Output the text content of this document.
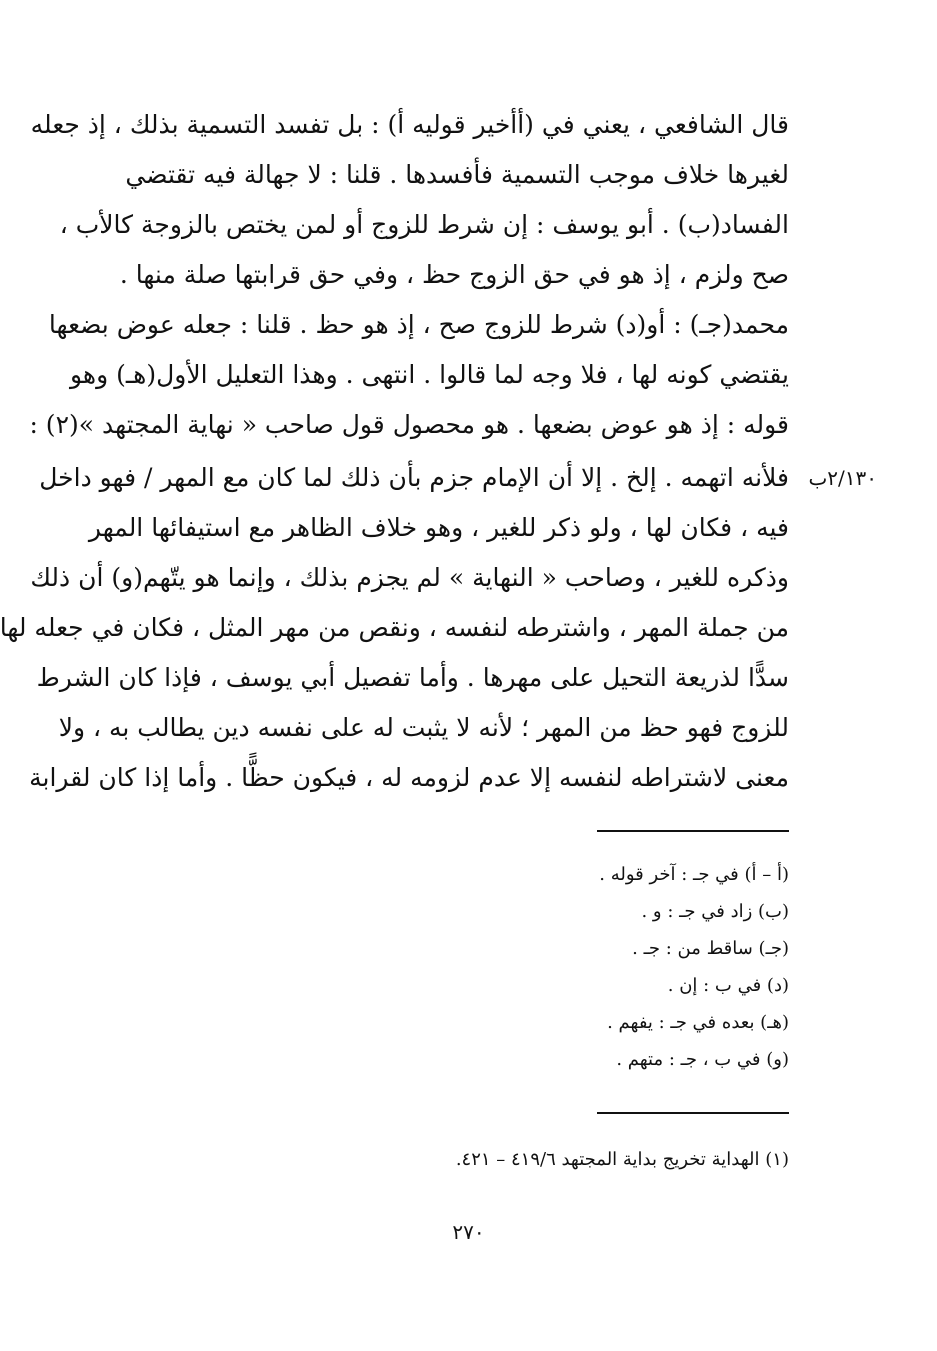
قال الشافعي ، يعني في (أأخير قوليه أ) : بل تفسد التسمية بذلك ، إذ جعله
لغيرها خلاف موجب التسمية فأفسدها . قلنا : لا جهالة فيه تقتضي
الفساد(ب) . أبو يوسف : إن شرط للزوج أو لمن يختص بالزوجة كالأب ،
صح ولزم ، إذ هو في حق الزوج حظ ، وفي حق قرابتها صلة منها .
محمد(جـ) : أو(د) شرط للزوج صح ، إذ هو حظ . قلنا : جعله عوض بضعها
يقتضي كونه لها ، فلا وجه لما قالوا . انتهى . وهذا التعليل الأول(هـ) وهو
قوله : إذ هو عوض بضعها . هو محصول قول صاحب « نهاية المجتهد »(٢) :
فلأنه اتهمه . إلخ . إلا أن الإمام جزم بأن ذلك لما كان مع المهر / فهو داخل
فيه ، فكان لها ، ولو ذكر للغير ، وهو خلاف الظاهر مع استيفائها المهر
وذكره للغير ، وصاحب « النهاية » لم يجزم بذلك ، وإنما هو يتّهم(و) أن ذلك
من جملة المهر ، واشترطه لنفسه ، ونقص من مهر المثل ، فكان في جعله لها
سدًّا لذريعة التحيل على مهرها . وأما تفصيل أبي يوسف ، فإذا كان الشرط
للزوج فهو حظ من المهر ؛ لأنه لا يثبت له على نفسه دين يطالب به ، ولا
معنى لاشتراطه لنفسه إلا عدم لزومه له ، فيكون حظًّا . وأما إذا كان لقرابة
٢/١٣٠ب
(أ – أ) في جـ : آخر قوله .
(ب) زاد في جـ : و .
(جـ) ساقط من : جـ .
(د) في ب : إن .
(هـ) بعده في جـ : يفهم .
(و) في ب ، جـ : متهم .
(١) الهداية تخريج بداية المجتهد ٤١٩/٦ – ٤٢١.
٢٧٠
